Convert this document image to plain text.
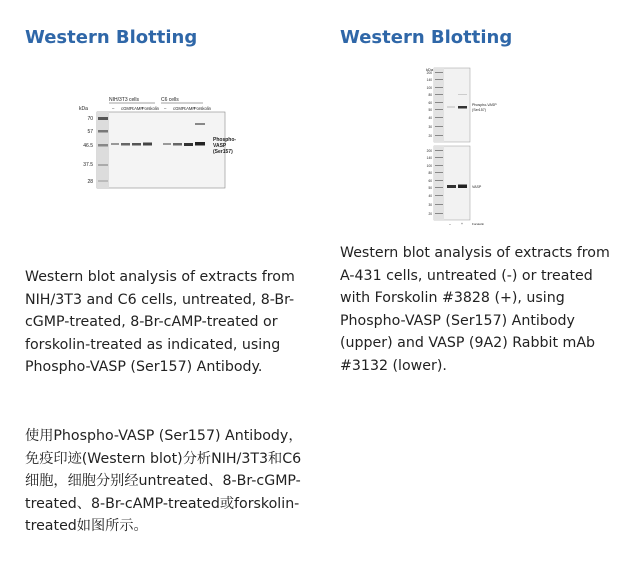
Western Blotting
kDa
NIH/3T3 cells	C6 cells
– cGMP cAMP
Forskolin – cGMP cAMP
Forskolin
70
57
46.5
37.5
28
Phospho-
VASP
(Ser157)

Western blot analysis of extracts from NIH/3T3 and C6 cells, untreated, 8-Br-cGMP-treated, 8-Br-cAMP-treated or forskolin-treated as indicated, using Phospho-VASP (Ser157) Antibody.

使用Phospho-VASP (Ser157) Antibody，免疫印迹(Western blot)分析NIH/3T3和C6细胞，细胞分别经untreated、8-Br-cGMP-treated、8-Br-cAMP-treated或forskolin-treated如图所示。

Western Blotting
kDa
200
140
100
80
60
50
40
30
20
Phospho-VASP
(Ser157)
200
140
100
80
60
50
40
30
20
VASP
–	+	Forskolin

Western blot analysis of extracts from A-431 cells, untreated (-) or treated with Forskolin #3828 (+), using Phospho-VASP (Ser157) Antibody (upper) and VASP (9A2) Rabbit mAb #3132 (lower).
